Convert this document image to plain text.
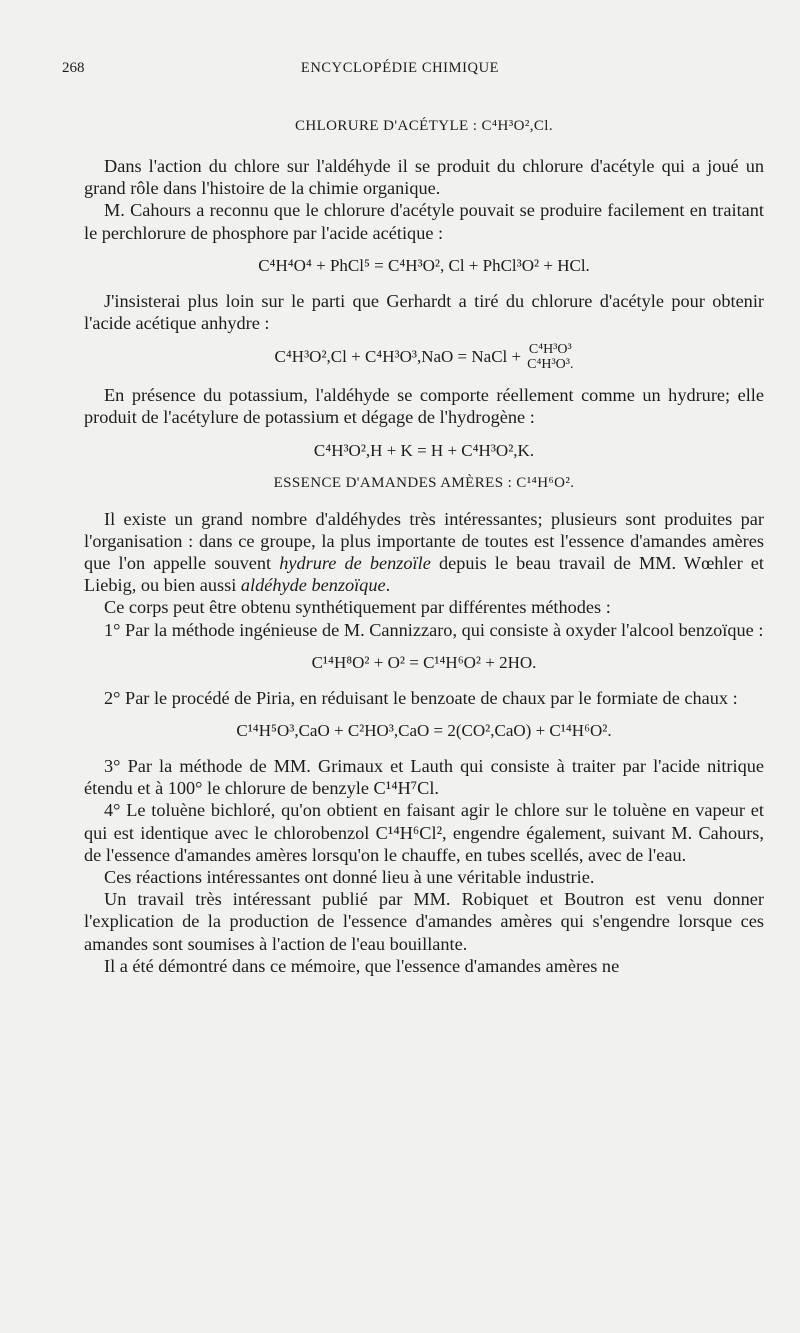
268	ENCYCLOPÉDIE CHIMIQUE
CHLORURE D'ACÉTYLE : C⁴H³O²,Cl.

Dans l'action du chlore sur l'aldéhyde il se produit du chlorure d'acétyle qui a joué un grand rôle dans l'histoire de la chimie organique.

M. Cahours a reconnu que le chlorure d'acétyle pouvait se produire facilement en traitant le perchlorure de phosphore par l'acide acétique :

C⁴H⁴O⁴ + PhCl⁵ = C⁴H³O², Cl + PhCl³O² + HCl.

J'insisterai plus loin sur le parti que Gerhardt a tiré du chlorure d'acétyle pour obtenir l'acide acétique anhydre :

C⁴H³O²,Cl + C⁴H³O³,NaO = NaCl + C⁴H³O³
C⁴H³O³.

En présence du potassium, l'aldéhyde se comporte réellement comme un hydrure; elle produit de l'acétylure de potassium et dégage de l'hydrogène :

C⁴H³O²,H + K = H + C⁴H³O²,K.
ESSENCE D'AMANDES AMÈRES : C¹⁴H⁶O².

Il existe un grand nombre d'aldéhydes très intéressantes; plusieurs sont produites par l'organisation : dans ce groupe, la plus importante de toutes est l'essence d'amandes amères que l'on appelle souvent hydrure de benzoïle depuis le beau travail de MM. Wœhler et Liebig, ou bien aussi aldéhyde benzoïque.

Ce corps peut être obtenu synthétiquement par différentes méthodes :

1° Par la méthode ingénieuse de M. Cannizzaro, qui consiste à oxyder l'alcool benzoïque :

C¹⁴H⁸O² + O² = C¹⁴H⁶O² + 2HO.

2° Par le procédé de Piria, en réduisant le benzoate de chaux par le formiate de chaux :

C¹⁴H⁵O³,CaO + C²HO³,CaO = 2(CO²,CaO) + C¹⁴H⁶O².

3° Par la méthode de MM. Grimaux et Lauth qui consiste à traiter par l'acide nitrique étendu et à 100° le chlorure de benzyle C¹⁴H⁷Cl.

4° Le toluène bichloré, qu'on obtient en faisant agir le chlore sur le toluène en vapeur et qui est identique avec le chlorobenzol C¹⁴H⁶Cl², engendre également, suivant M. Cahours, de l'essence d'amandes amères lorsqu'on le chauffe, en tubes scellés, avec de l'eau.

Ces réactions intéressantes ont donné lieu à une véritable industrie.

Un travail très intéressant publié par MM. Robiquet et Boutron est venu donner l'explication de la production de l'essence d'amandes amères qui s'engendre lorsque ces amandes sont soumises à l'action de l'eau bouillante.

Il a été démontré dans ce mémoire, que l'essence d'amandes amères ne
